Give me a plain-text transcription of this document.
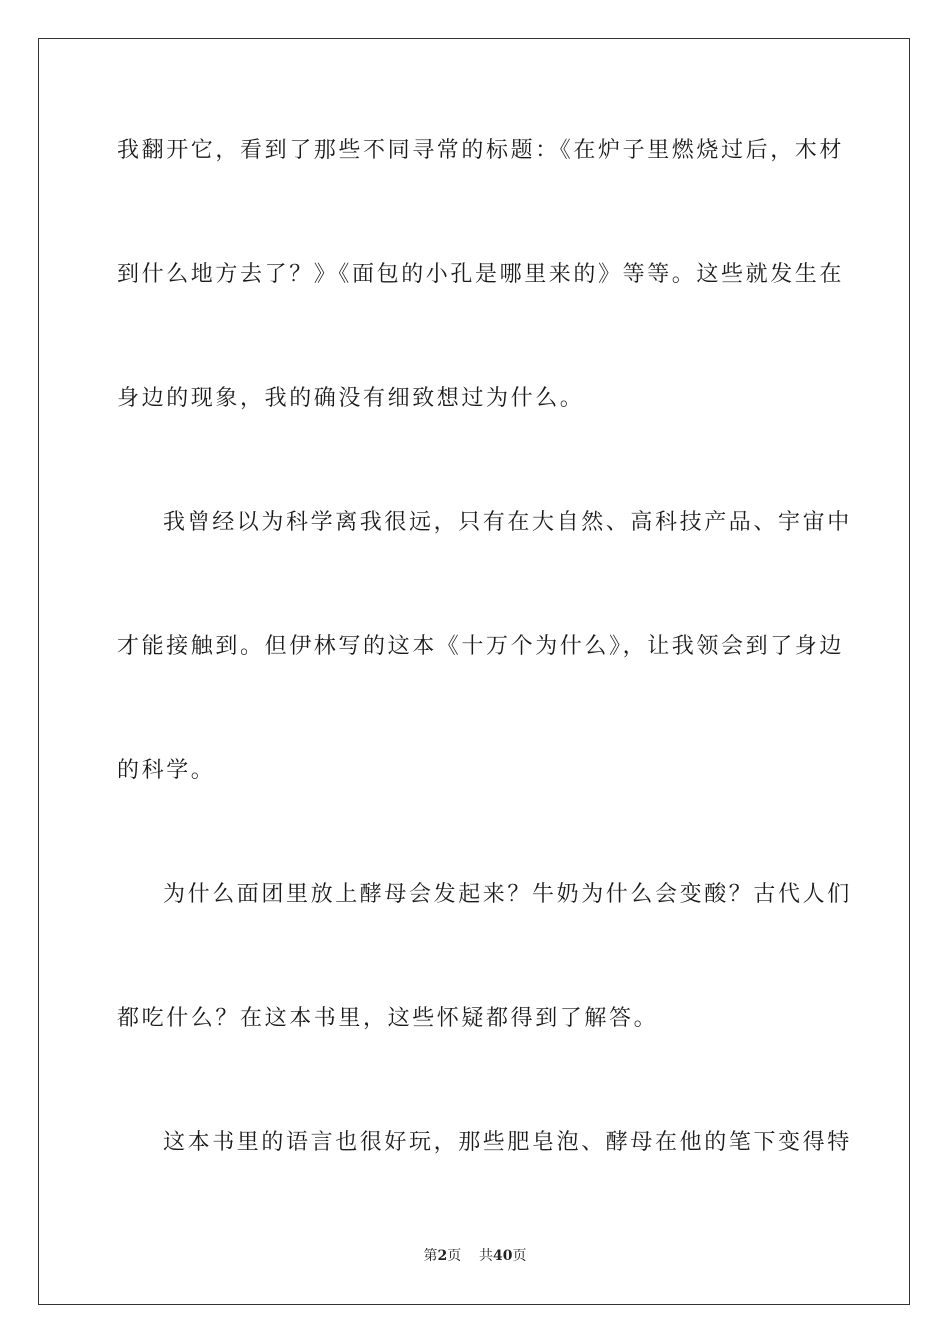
我翻开它，看到了那些不同寻常的标题：《在炉子里燃烧过后，木材
到什么地方去了？》《面包的小孔是哪里来的》等等。这些就发生在
身边的现象，我的确没有细致想过为什么。
我曾经以为科学离我很远，只有在大自然、高科技产品、宇宙中
才能接触到。但伊林写的这本《十万个为什么》，让我领会到了身边
的科学。
为什么面团里放上酵母会发起来？牛奶为什么会变酸？古代人们
都吃什么？在这本书里，这些怀疑都得到了解答。
这本书里的语言也很好玩，那些肥皂泡、酵母在他的笔下变得特
第2页 共40页
